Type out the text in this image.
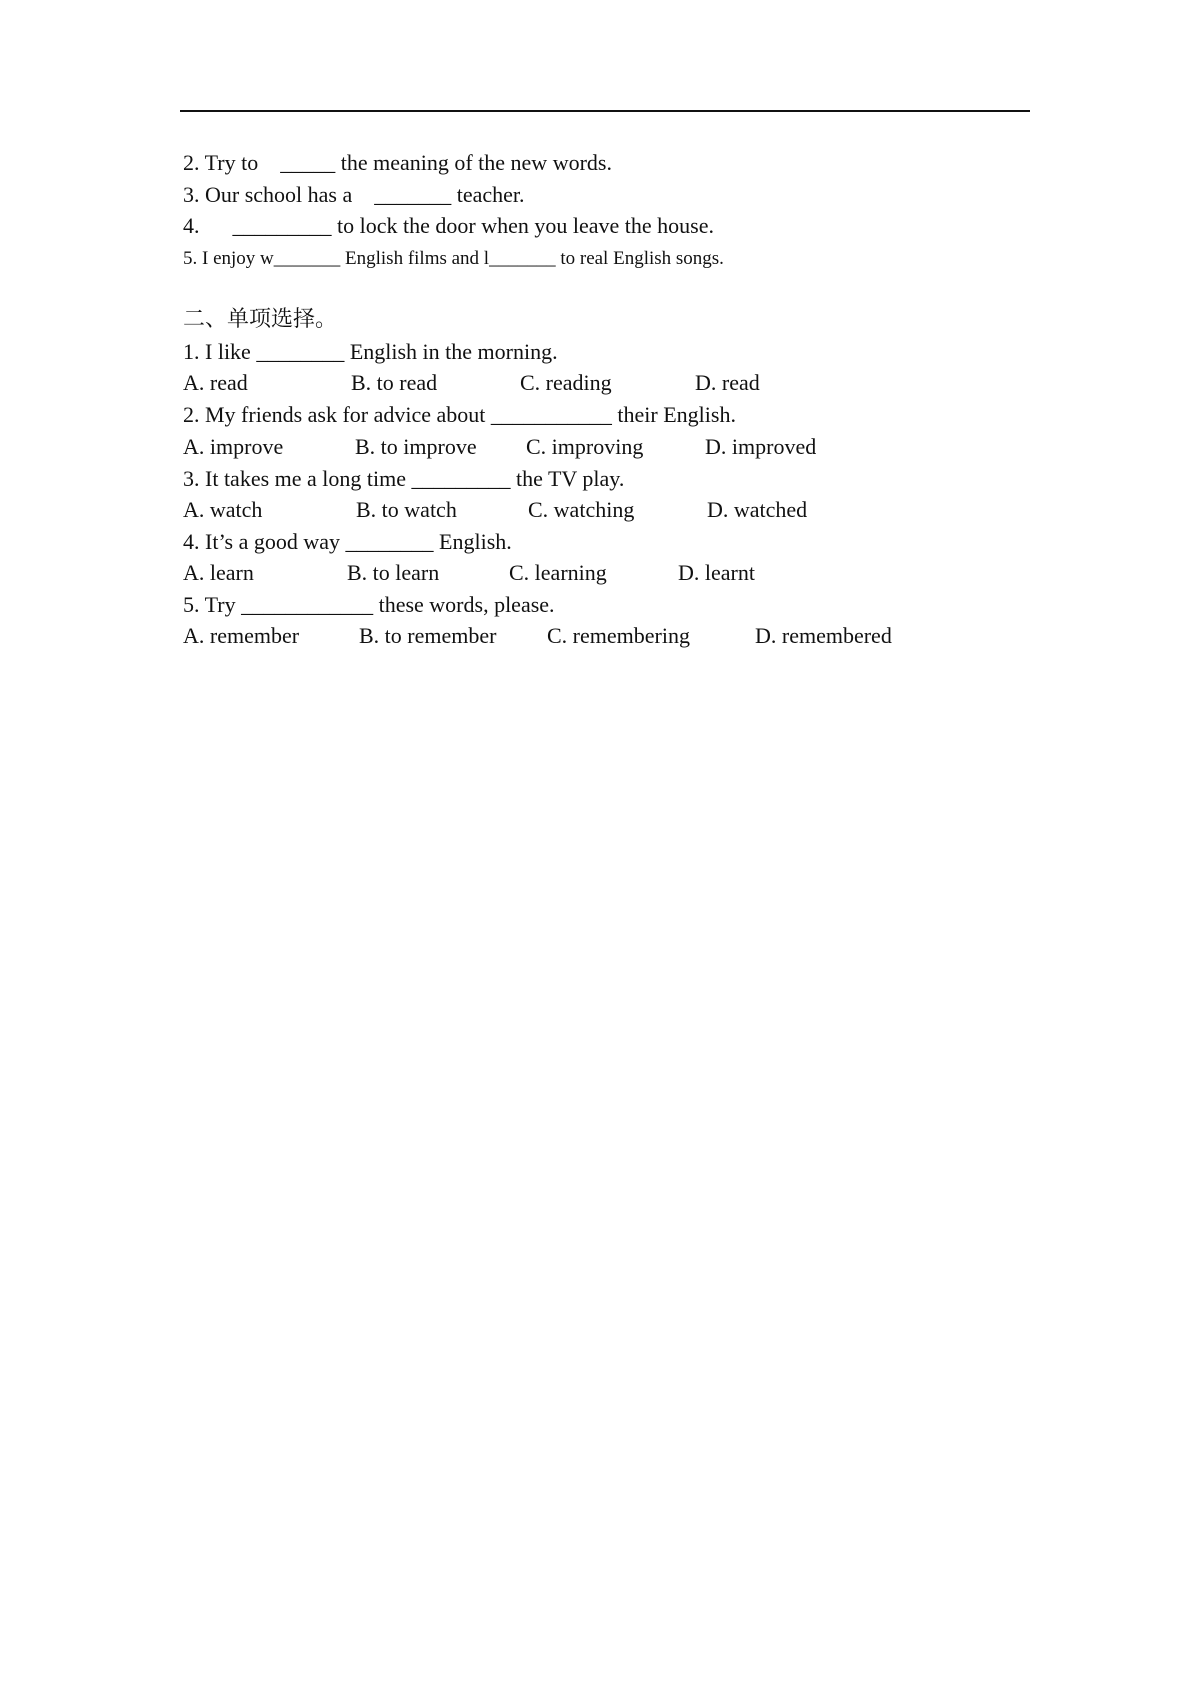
2. Try to    _____ the meaning of the new words.
3. Our school has a    _______ teacher.
4.      _________ to lock the door when you leave the house.
5. I enjoy w_______ English films and l_______ to real English songs.
二、单项选择。
1. I like ________ English in the morning.
A. read	B. to read	C. reading	D. read
2. My friends ask for advice about ___________ their English.
A. improve	B. to improve C. improving	D. improved
3. It takes me a long time _________ the TV play.
A. watch	B. to watch	C. watching	D. watched
4. It’s a good way ________ English.
A. learn	B. to learn	C. learning	D. learnt
5. Try ____________ these words, please.
A. remember	B. to remember C. remembering	D. remembered
